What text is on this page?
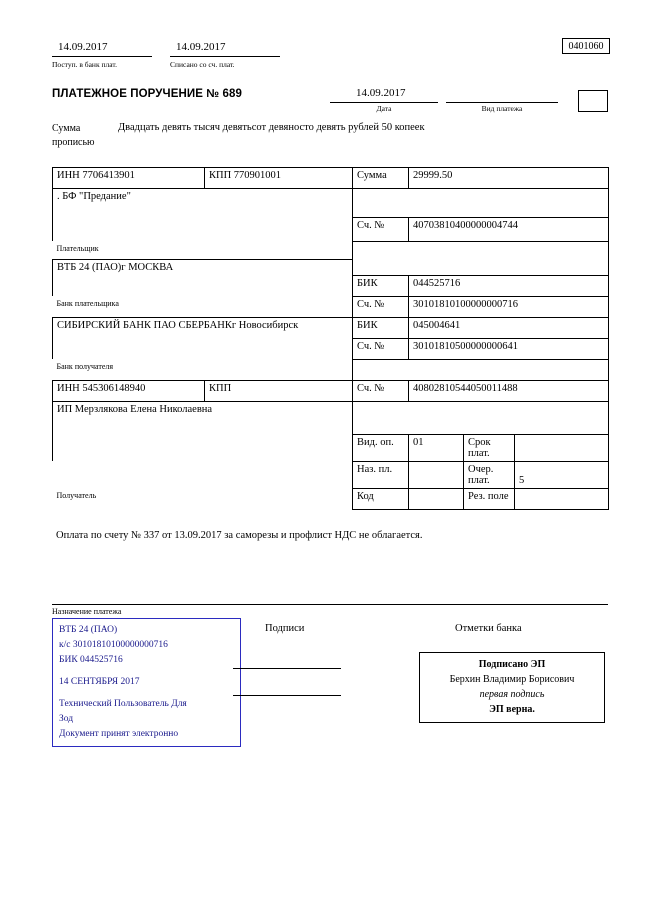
14.09.2017
Поступ. в банк плат.
14.09.2017
Списано со сч. плат.
0401060
ПЛАТЕЖНОЕ ПОРУЧЕНИЕ № 689	14.09.2017
Дата	Вид платежа
Сумма
прописью
Двадцать девять тысяч девятьсот девяносто девять рублей 50 копеек
ИНН 7706413901	КПП 770901001	Сумма	29999.50		
. БФ "Предание"					
		Сч. №	40703810400000004744		
Плательщик					
ВТБ 24 (ПАО)г МОСКВА					
		БИК	044525716		
Банк плательщика		Сч. №	30101810100000000716		
СИБИРСКИЙ БАНК ПАО СБЕРБАНКг Новосибирск		БИК	045004641		
		Сч. №	30101810500000000641		
Банк получателя					
ИНН 545306148940	КПП	Сч. №	40802810544050011488		
ИП Мерзлякова Елена Николаевна					
		Вид. оп.	01	Срок
плат.	
		Наз. пл.		Очер.
плат.	5
Получатель		Код		Рез. поле	
Оплата по счету № 337 от 13.09.2017 за саморезы и профлист НДС не облагается.
Назначение платежа
ВТБ 24 (ПАО)
к/с 30101810100000000716
БИК 044525716
14 СЕНТЯБРЯ 2017
Технический Пользователь Для
Зод
Документ принят электронно
Подписи	Отметки банка
Подписано ЭП
Берхин Владимир Борисович
первая подпись
ЭП верна.
